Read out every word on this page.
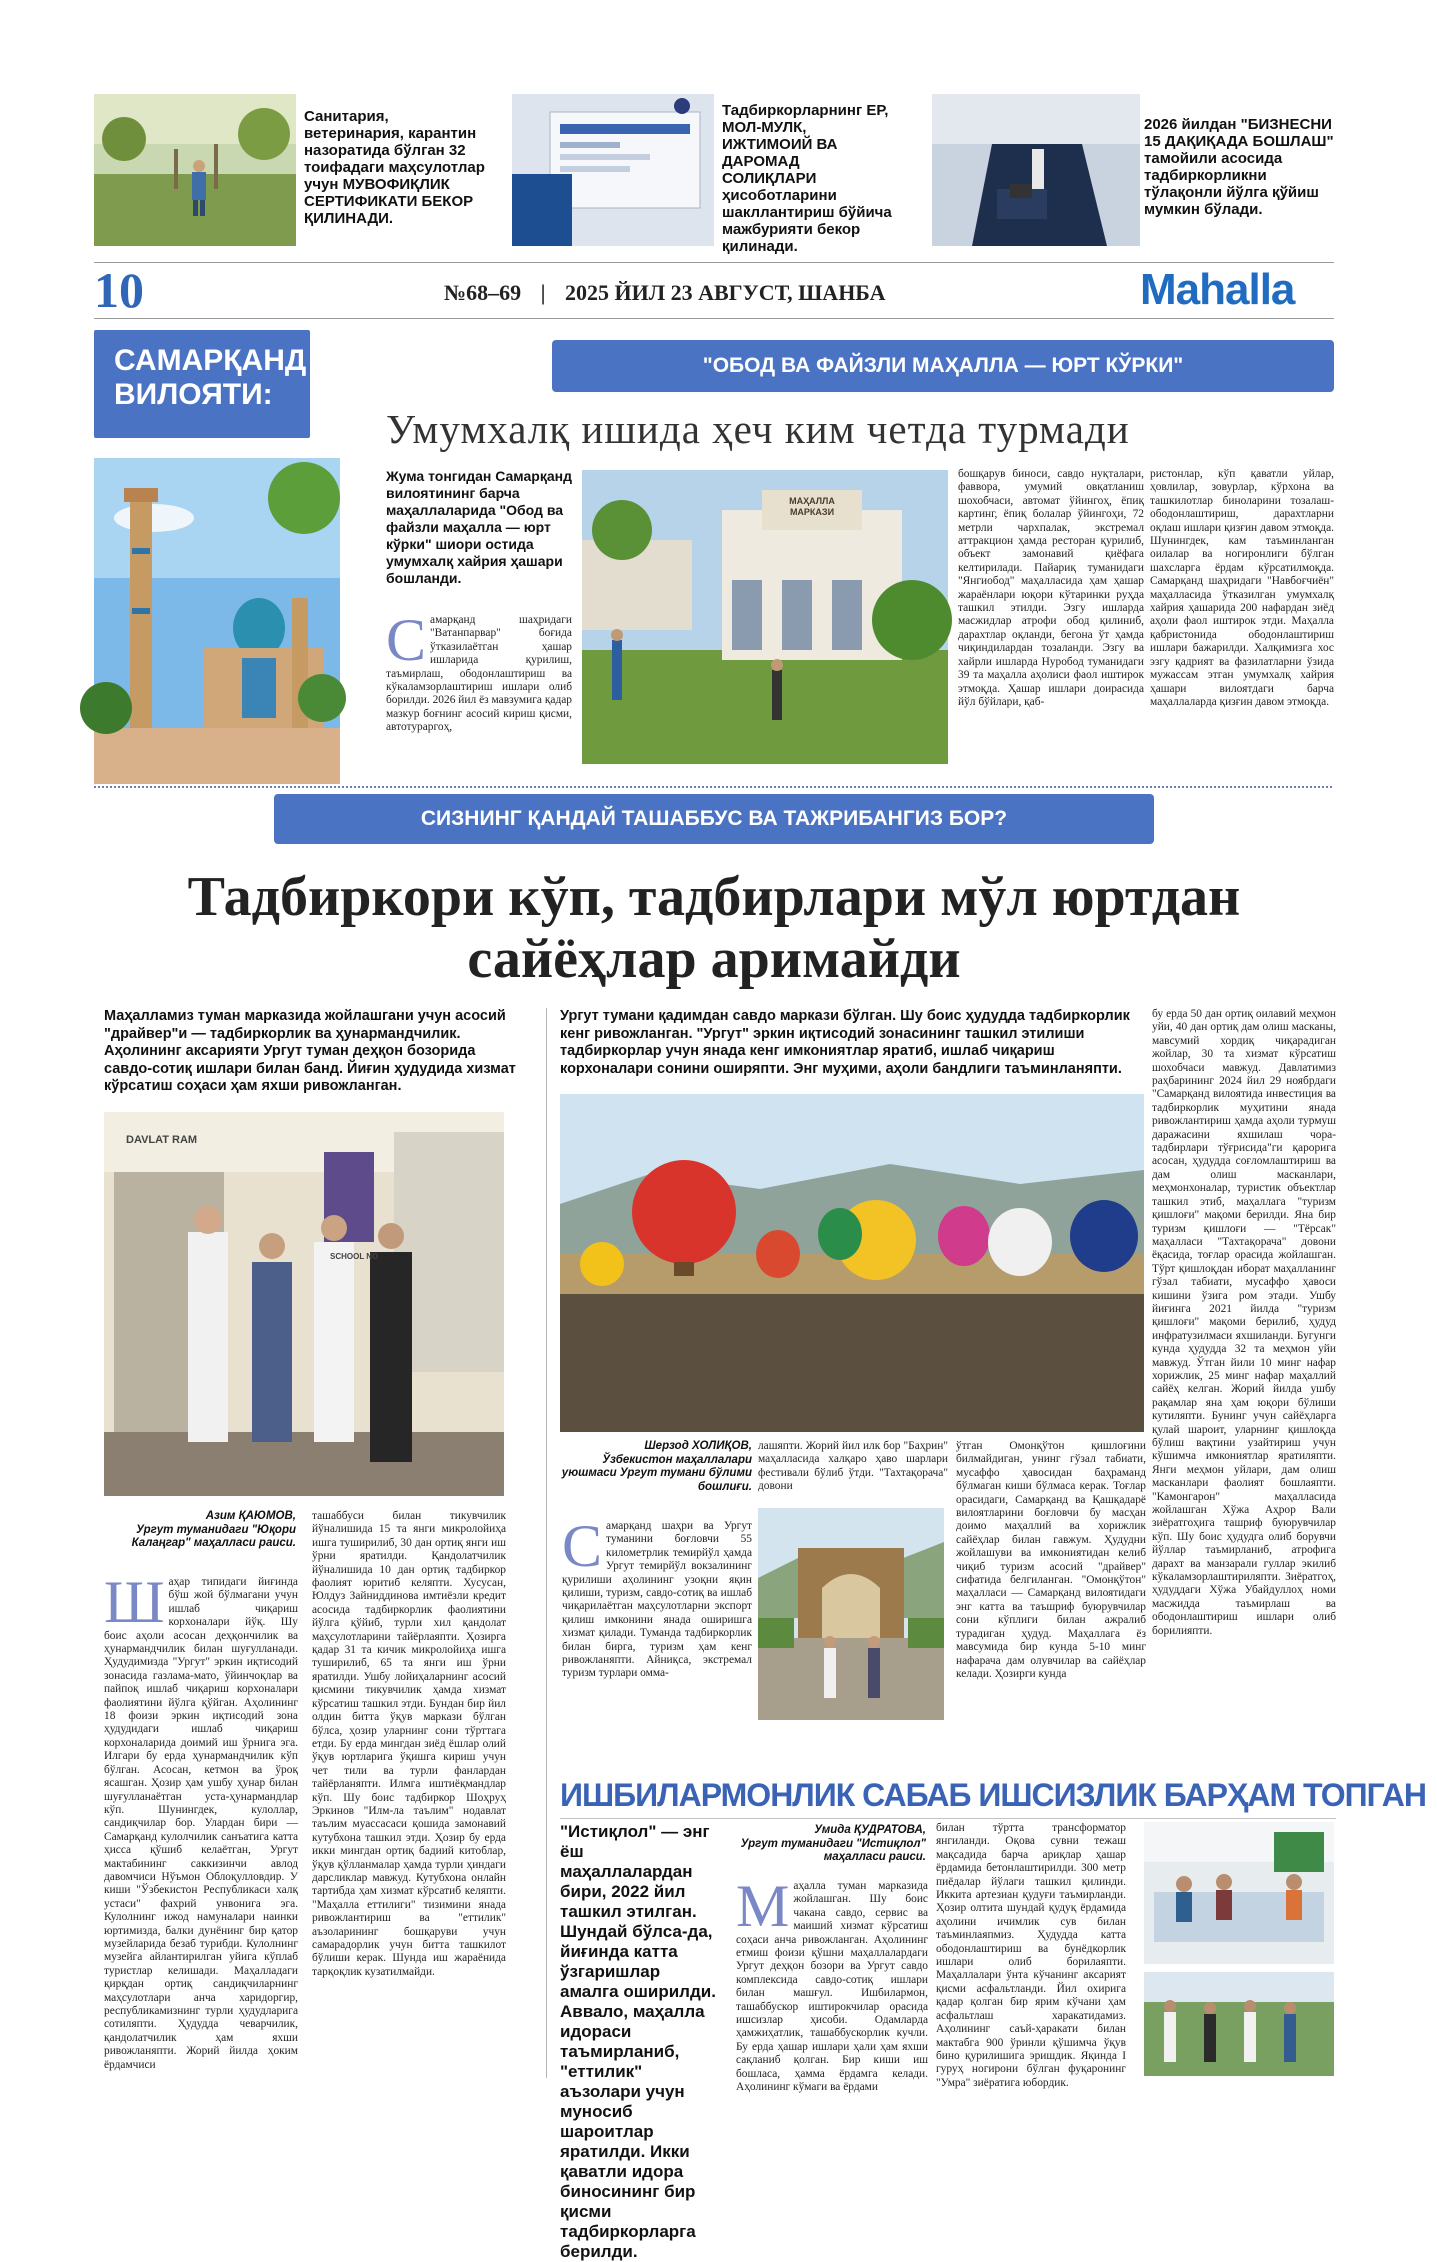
Санитария, ветеринария, карантин назоратида бўлган 32 тоифадаги маҳсулотлар учун МУВОФИҚЛИК СЕРТИФИКАТИ БЕКОР ҚИЛИНАДИ.
Тадбиркорларнинг ЕР, МОЛ-МУЛК, ИЖТИМОИЙ ВА ДАРОМАД СОЛИҚЛАРИ ҳисоботларини шакллантириш бўйича мажбурияти бекор қилинади.
2026 йилдан "БИЗНЕСНИ 15 ДАҚИҚАДА БОШЛАШ" тамойили асосида тадбиркорликни тўлақонли йўлга қўйиш мумкин бўлади.
10	№68–69 | 2025 ЙИЛ 23 АВГУСТ, ШАНБА	Mahalla
САМАРҚАНД ВИЛОЯТИ:
"ОБОД ВА ФАЙЗЛИ МАҲАЛЛА — ЮРТ КЎРКИ"
Умумхалқ ишида ҳеч ким четда турмади
Жума тонгидан Самарқанд вилоятининг барча маҳаллаларида "Обод ва файзли маҳалла — юрт кўрки" шиори остида умумхалқ хайрия ҳашари бошланди.
С амарқанд шаҳридаги "Ватанпарвар" боғида ўтказилаётган ҳашар ишларида қурилиш, таъмирлаш, ободонлаштириш ва кўкаламзорлаштириш ишлари олиб борилди. 2026 йил ёз мавзумига қадар мазкур боғнинг асосий кириш қисми, автотураргоҳ,
МАҲАЛЛА МАРКАЗИ
бошқарув биноси, савдо нуқталари, фаввора, умумий овқатланиш шохобчаси, автомат ўйингоҳ, ёпиқ картинг, ёпиқ болалар ўйингоҳи, 72 метрли чархпалак, экстремал аттракцион ҳамда ресторан қурилиб, объект замонавий қиёфага келтирилади. Пайариқ туманидаги "Янгиобод" маҳалласида ҳам ҳашар жараёнлари юқори кўтаринки руҳда ташкил этилди. Эзгу ишларда масжидлар атрофи обод қилиниб, дарахтлар оқланди, бегона ўт ҳамда чиқиндилардан тозаланди. Эзгу ва хайрли ишларда Нуробод туманидаги 39 та маҳалла аҳолиси фаол иштирок этмоқда. Ҳашар ишлари доирасида йўл бўйлари, қаб-
ристонлар, кўп қаватли уйлар, ҳовлилар, зовурлар, кўрхона ва ташкилотлар биноларини тозалаш-ободонлаштириш, дарахтларни оқлаш ишлари қизғин давом этмоқда. Шунингдек, кам таъминланган оилалар ва ногиронлиги бўлган шахсларга ёрдам кўрсатилмоқда. Самарқанд шаҳридаги "Навбоғчиён" маҳалласида ўтказилган умумхалқ хайрия ҳашарида 200 нафардан зиёд аҳоли фаол иштирок этди. Маҳалла қабристонида ободонлаштириш ишлари бажарилди. Халқимизга хос эзгу қадрият ва фазилатларни ўзида мужассам этган умумхалқ хайрия ҳашари вилоятдаги барча маҳаллаларда қизғин давом этмоқда.
СИЗНИНГ ҚАНДАЙ ТАШАББУС ВА ТАЖРИБАНГИЗ БОР?
Тадбиркори кўп, тадбирлари мўл юртдан
сайёҳлар аримайди
Маҳалламиз туман марказида жойлашгани учун асосий "драйвер"и — тадбиркорлик ва ҳунармандчилик. Аҳолининг аксарияти Ургут туман деҳқон бозорида савдо-сотиқ ишлари билан банд. Йиғин ҳудудида хизмат кўрсатиш соҳаси ҳам яхши ривожланган.
Ургут тумани қадимдан савдо маркази бўлган. Шу боис ҳудудда тадбиркорлик кенг ривожланган. "Ургут" эркин иқтисодий зонасининг ташкил этилиши тадбиркорлар учун янада кенг имкониятлар яратиб, ишлаб чиқариш корхоналари сонини оширяпти. Энг муҳими, аҳоли бандлиги таъминланяпти.
DAVLAT RAM
SCHOOL NO
Азим ҚАЮМОВ,
Ургут туманидаги "Юқори Калаңгар" маҳалласи раиси.
Ш аҳар типидаги йиғинда бўш жой бўлмагани учун ишлаб чиқариш корхоналари йўқ. Шу боис аҳоли асосан деҳқончилик ва ҳунармандчилик билан шуғулланади. Ҳудудимизда "Ургут" эркин иқтисодий зонасида газлама-мато, ўйинчоқлар ва пайпоқ ишлаб чиқариш корхоналари фаолиятини йўлга қўйган. Аҳолининг 18 фоизи эркин иқтисодий зона ҳудудидаги ишлаб чиқариш корхоналарида доимий иш ўрнига эга. Илгари бу ерда ҳунармандчилик кўп бўлган. Асосан, кетмон ва ўроқ ясашган. Ҳозир ҳам ушбу ҳунар билан шуғулланаётган уста-ҳунармандлар кўп. Шунингдек, кулоллар, сандиқчилар бор. Улардан бири — Самарқанд кулолчилик санъатига катта ҳисса қўшиб келаётган, Ургут мактабининг саккизинчи авлод давомчиси Нўъмон Облоқулловдир. У киши "Ўзбекистон Республикаси халқ устаси" фахрий унвонига эга. Кулолнинг ижод намуналари наинки юртимизда, балки дунёнинг бир қатор музейларида безаб турибди. Кулолнинг музейга айлантирилган уйига кўплаб туристлар келишади. Маҳалладаги қирқдан ортиқ сандиқчиларнинг маҳсулотлари анча харидоргир, республикамизнинг турли ҳудудларига сотиляпти. Ҳудудда чеварчилик, қандолатчилик ҳам яхши ривожланяпти. Жорий йилда ҳоким ёрдамчиси
ташаббуси билан тикувчилик йўналишида 15 та янги микролойиҳа ишга туширилиб, 30 дан ортиқ янги иш ўрни яратилди. Қандолатчилик йўналишида 10 дан ортиқ тадбиркор фаолият юритиб келяпти. Хусусан, Юлдуз Зайниддинова имтиёзли кредит асосида тадбиркорлик фаолиятини йўлга қўйиб, турли хил қандолат маҳсулотларини тайёрлаяпти. Ҳозирга қадар 31 та кичик микролойиҳа ишга туширилиб, 65 та янги иш ўрни яратилди. Ушбу лойиҳаларнинг асосий қисмини тикувчилик ҳамда хизмат кўрсатиш ташкил этди. Бундан бир йил олдин битта ўқув маркази бўлган бўлса, ҳозир уларнинг сони тўрттага етди. Бу ерда мингдан зиёд ёшлар олий ўқув юртларига ўқишга кириш учун чет тили ва турли фанлардан тайёрланяпти. Илмга иштиёқмандлар кўп. Шу боис тадбиркор Шоҳруҳ Эркинов "Илм-ла таълим" нодавлат таълим муассасаси қошида замонавий кутубхона ташкил этди. Ҳозир бу ерда икки мингдан ортиқ бадиий китоблар, ўқув қўлланмалар ҳамда турли ҳиндаги дарсликлар мавжуд. Кутубхона онлайн тартибда ҳам хизмат кўрсатиб келяпти. "Маҳалла еттилиги" тизимини янада ривожлантириш ва "еттилик" аъзоларининг бошқаруви учун самарадорлик учун битта ташкилот бўлиши керак. Шунда иш жараёнида тарқоқлик кузатилмайди.
Шерзод ХОЛИҚОВ,
Ўзбекистон маҳаллалари уюшмаси Ургут тумани бўлими бошлиғи.
С амарқанд шаҳри ва Ургут туманини боғловчи 55 километрлик темирйўл ҳамда Ургут темирйўл вокзалининг қурилиши аҳолининг узоқни яқин қилиши, туризм, савдо-сотиқ ва ишлаб чиқарилаётган маҳсулотларни экспорт қилиш имконини янада оширишга хизмат қилади. Туманда тадбиркорлик билан бирга, туризм ҳам кенг ривожланяпти. Айниқса, экстремал туризм турлари омма-
лашяпти. Жорий йил илк бор "Баҳрин" маҳалласида халқаро ҳаво шарлари фестивали бўлиб ўтди. "Тахтақорача" довони
ўтган Омонқўтон қишлоғини билмайдиган, унинг гўзал табиати, мусаффо ҳавосидан баҳраманд бўлмаган киши бўлмаса керак. Тоғлар орасидаги, Самарқанд ва Қашқадарё вилоятларини боғловчи бу масҳан доимо маҳаллий ва хорижлик сайёҳлар билан гавжум. Ҳудудни жойлашуви ва имкониятидан келиб чиқиб туризм асосий "драйвер" сифатида белгиланган. "Омонқўтон" маҳалласи — Самарқанд вилоятидаги энг катта ва таъшриф буюрувчилар сони кўплиги билан ажралиб турадиган ҳудуд. Маҳаллага ёз мавсумида бир кунда 5-10 минг нафарача дам олувчилар ва сайёҳлар келади. Ҳозирги кунда
бу ерда 50 дан ортиқ оилавий меҳмон уйи, 40 дан ортиқ дам олиш масканы, мавсумий хордиқ чиқарадиган жойлар, 30 та хизмат кўрсатиш шохобчаси мавжуд. Давлатимиз раҳбарининг 2024 йил 29 ноябрдаги "Самарқанд вилоятида инвестиция ва тадбиркорлик муҳитини янада ривожлантириш ҳамда аҳоли турмуш даражасини яхшилаш чора-тадбирлари тўғрисида"ги қарорига асосан, ҳудудда соғломлаштириш ва дам олиш масканлари, меҳмонхоналар, туристик объектлар ташкил этиб, маҳаллага "туризм қишлоғи" мақоми берилди. Яна бир туризм қишлоғи — "Тёрсак" маҳалласи "Тахтақорача" довони ёқасида, тоғлар орасида жойлашган. Тўрт қишлоқдан иборат маҳалланинг гўзал табиати, мусаффо ҳавоси кишини ўзига ром этади. Ушбу йиғинга 2021 йилда "туризм қишлоғи" мақоми берилиб, ҳудуд инфратузилмаси яхшиланди. Бугунги кунда ҳудудда 32 та меҳмон уйи мавжуд. Ўтган йили 10 минг нафар хорижлик, 25 минг нафар маҳаллий сайёҳ келган. Жорий йилда ушбу рақамлар яна ҳам юқори бўлиши кутиляпти. Бунинг учун сайёҳларга қулай шароит, уларнинг қишлоқда бўлиш вақтини узайтириш учун кўшимча имкониятлар яратиляпти. Янги меҳмон уйлари, дам олиш масканлари фаолият бошлаяпти. "Камонгарон" маҳалласида жойлашган Хўжа Аҳрор Вали зиёратгоҳига ташриф буюрувчилар кўп. Шу боис ҳудудга олиб борувчи йўллар таъмирланиб, атрофига дарахт ва манзарали гуллар экилиб кўкаламзорлаштириляпти. Зиёратгоҳ, ҳудуддаги Хўжа Убайдуллоҳ номи масжидда таъмирлаш ва ободонлаштириш ишлари олиб борилияпти.
ИШБИЛАРМОНЛИК САБАБ ИШСИЗЛИК БАРҲАМ ТОПГАН
"Истиқлол" — энг ёш маҳаллалардан бири, 2022 йил ташкил этилган. Шундай бўлса-да, йиғинда катта ўзгаришлар амалга оширилди. Аввало, маҳалла идораси таъмирланиб, "еттилик" аъзолари учун муносиб шароитлар яратилди. Икки қаватли идора биносининг бир қисми тадбиркорларга берилди.
Умида ҚУДРАТОВА,
Ургут туманидаги "Истиқлол" маҳалласи раиси.
М аҳалла туман марказида жойлашган. Шу боис чакана савдо, сервис ва маиший хизмат кўрсатиш соҳаси анча ривожланган. Аҳолининг етмиш фоизи қўшни маҳаллалардаги Ургут деҳқон бозори ва Ургут савдо комплексида савдо-сотиқ ишлари билан машғул. Ишбилармон, ташаббускор иштирокчилар орасида ишсизлар ҳисоби. Одамларда ҳамжиҳатлик, ташаббускорлик кучли. Бу ерда ҳашар ишлари ҳали ҳам яхши сақланиб қолган. Бир киши иш бошласа, ҳамма ёрдамга келади. Аҳолининг кўмаги ва ёрдами
билан тўртта трансформатор янгиланди. Оқова сувни тежаш мақсадида барча ариқлар ҳашар ёрдамида бетонлаштирилди. 300 метр пиёдалар йўлаги ташкил қилинди. Иккита артезиан қудуғи таъмирланди. Ҳозир олтита шундай қудуқ ёрдамида аҳолини ичимлик сув билан таъминлаяпмиз. Ҳудудда катта ободонлаштириш ва бунёдкорлик ишлари олиб борилаяпти. Маҳаллалари ўнта кўчанинг аксарият қисми асфальтланди. Йил охирига қадар қолган бир ярим кўчани ҳам асфальтлаш харакатидамиз. Аҳолининг саъй-ҳаракати билан мактабга 900 ўринли қўшимча ўқув бино қурилишига эришдик. Яқинда I гуруҳ ногирони бўлган фуқаронинг "Умра" зиёратига юбордик.
